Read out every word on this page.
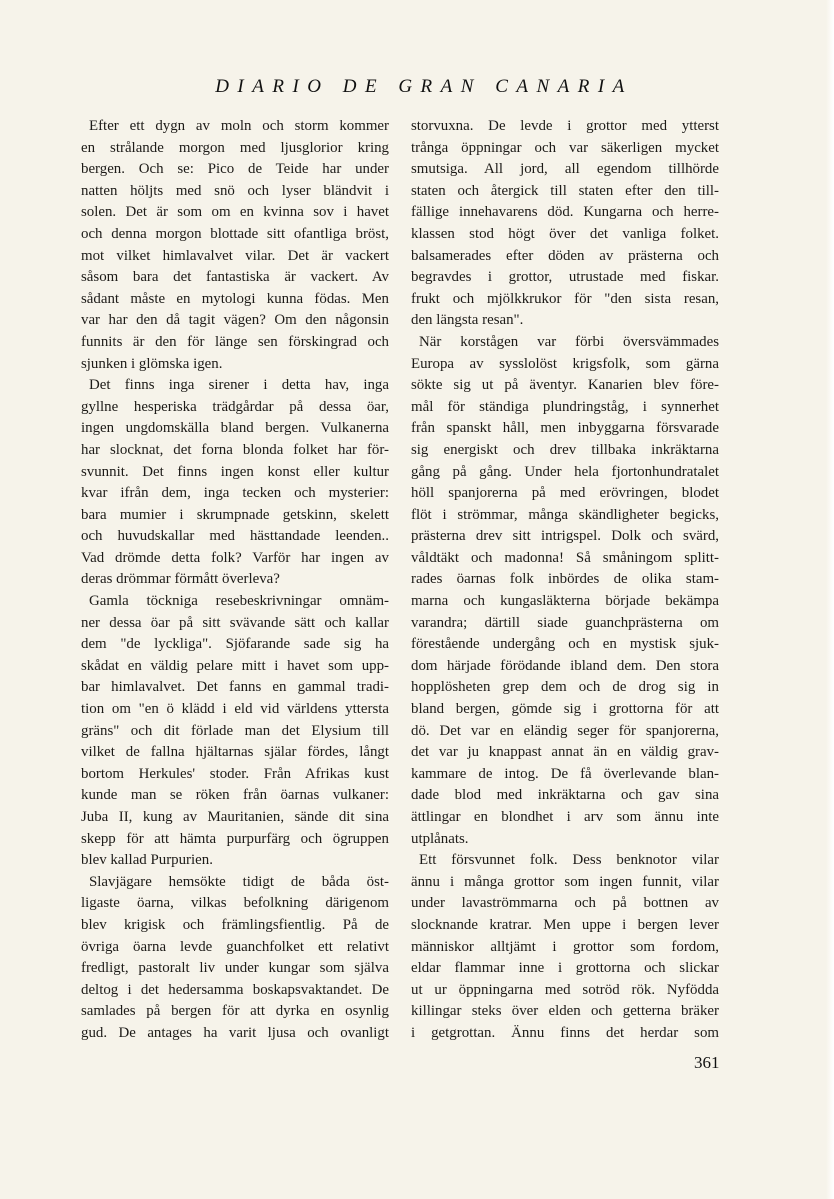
DIARIO DE GRAN CANARIA
Efter ett dygn av moln och storm kommer
en strålande morgon med ljusglorior kring
bergen. Och se: Pico de Teide har under
natten höljts med snö och lyser bländvit i
solen. Det är som om en kvinna sov i havet
och denna morgon blottade sitt ofantliga bröst,
mot vilket himlavalvet vilar. Det är vackert
såsom bara det fantastiska är vackert. Av
sådant måste en mytologi kunna födas. Men
var har den då tagit vägen? Om den någonsin
funnits är den för länge sen förskingrad och
sjunken i glömska igen.
Det finns inga sirener i detta hav, inga
gyllne hesperiska trädgårdar på dessa öar,
ingen ungdomskälla bland bergen. Vulkanerna
har slocknat, det forna blonda folket har för-
svunnit. Det finns ingen konst eller kultur
kvar ifrån dem, inga tecken och mysterier:
bara mumier i skrumpnade getskinn, skelett
och huvudskallar med hästtandade leenden..
Vad drömde detta folk? Varför har ingen av
deras drömmar förmått överleva?
Gamla töckniga resebeskrivningar omnäm-
ner dessa öar på sitt svävande sätt och kallar
dem "de lyckliga". Sjöfarande sade sig ha
skådat en väldig pelare mitt i havet som upp-
bar himlavalvet. Det fanns en gammal tradi-
tion om "en ö klädd i eld vid världens yttersta
gräns" och dit förlade man det Elysium till
vilket de fallna hjältarnas själar fördes, långt
bortom Herkules' stoder. Från Afrikas kust
kunde man se röken från öarnas vulkaner:
Juba II, kung av Mauritanien, sände dit sina
skepp för att hämta purpurfärg och ögruppen
blev kallad Purpurien.
Slavjägare hemsökte tidigt de båda öst-
ligaste öarna, vilkas befolkning därigenom
blev krigisk och främlingsfientlig. På de
övriga öarna levde guanchfolket ett relativt
fredligt, pastoralt liv under kungar som själva
deltog i det hedersamma boskapsvaktandet. De
samlades på bergen för att dyrka en osynlig
gud. De antages ha varit ljusa och ovanligt
storvuxna. De levde i grottor med ytterst
trånga öppningar och var säkerligen mycket
smutsiga. All jord, all egendom tillhörde
staten och återgick till staten efter den till-
fällige innehavarens död. Kungarna och herre-
klassen stod högt över det vanliga folket.
balsamerades efter döden av prästerna och
begravdes i grottor, utrustade med fiskar.
frukt och mjölkkrukor för "den sista resan,
den längsta resan".
När korstågen var förbi översvämmades
Europa av sysslolöst krigsfolk, som gärna
sökte sig ut på äventyr. Kanarien blev före-
mål för ständiga plundringståg, i synnerhet
från spanskt håll, men inbyggarna försvarade
sig energiskt och drev tillbaka inkräktarna
gång på gång. Under hela fjortonhundratalet
höll spanjorerna på med erövringen, blodet
flöt i strömmar, många skändligheter begicks,
prästerna drev sitt intrigspel. Dolk och svärd,
våldtäkt och madonna! Så småningom splitt-
rades öarnas folk inbördes de olika stam-
marna och kungasläkterna började bekämpa
varandra; därtill siade guanchprästerna om
förestående undergång och en mystisk sjuk-
dom härjade förödande ibland dem. Den stora
hopplösheten grep dem och de drog sig in
bland bergen, gömde sig i grottorna för att
dö. Det var en eländig seger för spanjorerna,
det var ju knappast annat än en väldig grav-
kammare de intog. De få överlevande blan-
dade blod med inkräktarna och gav sina
ättlingar en blondhet i arv som ännu inte
utplånats.
Ett försvunnet folk. Dess benknotor vilar
ännu i många grottor som ingen funnit, vilar
under lavaströmmarna och på bottnen av
slocknande kratrar. Men uppe i bergen lever
människor alltjämt i grottor som fordom,
eldar flammar inne i grottorna och slickar
ut ur öppningarna med sotröd rök. Nyfödda
killingar steks över elden och getterna bräker
i getgrottan. Ännu finns det herdar som
361
